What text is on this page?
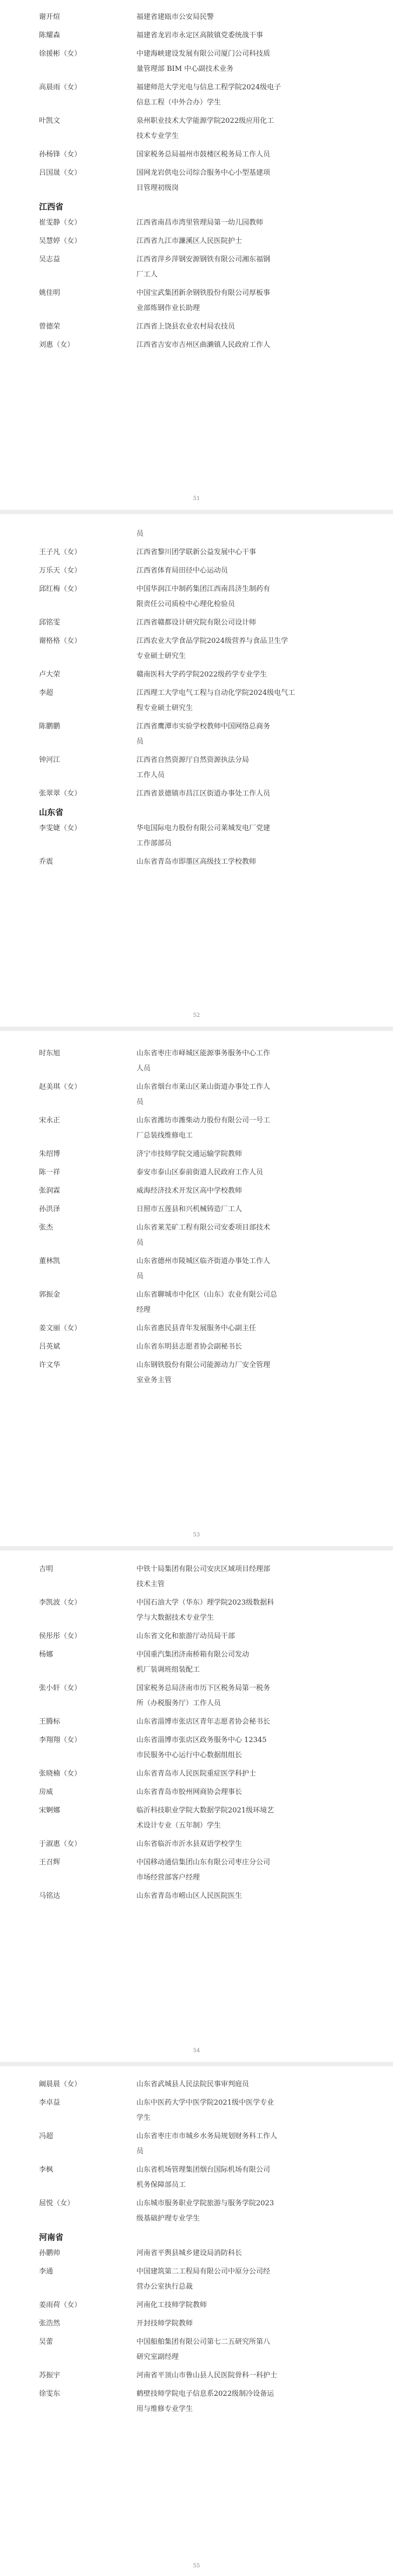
谢开煊	福建省建瓯市公安局民警
陈耀森	福建省龙岩市永定区高陂镇党委统战干事
徐援彬（女）	中建海峡建设发展有限公司厦门公司科技质
量管理部 BIM 中心副技术业务
高晨雨（女）	福建师范大学光电与信息工程学院2024级电子
信息工程（中外合办）学生
叶凯文	泉州职业技术大学能源学院2022级应用化工
技术专业学生
孙杨锋（女）	国家税务总局福州市鼓楼区税务局工作人员
吕国晟（女）	国网龙岩供电公司综合服务中心小型基建项
目管理初级岗
江西省
崔雯静（女）	江西省南昌市湾里管理局第一幼儿园教师
吴慧婷（女）	江西省九江市濂溪区人民医院护士
吴志益	江西省萍乡萍钢安源钢铁有限公司湘东福钢
厂工人
姚佳明	中国宝武集团新余钢铁股份有限公司厚板事
业部炼钢作业长助理
曾德荣	江西省上饶县农业农村局农技员
刘惠（女）	江西省吉安市吉州区曲濑镇人民政府工作人
51
员
王子凡（女）	江西省黎川团学联新公益发展中心干事
万乐天（女）	江西省体育局田径中心运动员
邱红梅（女）	中国华润江中制药集团江西南昌济生制药有
限责任公司质检中心理化检验员
邱铭雯	江西省赣都设计研究院有限公司设计师
谢格格（女）	江西农业大学食品学院2024级营养与食品卫生学
专业硕士研究生
卢大荣	赣南医科大学药学院2022级药学专业学生
李超	江西理工大学电气工程与自动化学院2024级电气工
程专业硕士研究生
陈鹏鹏	江西省鹰潭市实验学校教师中国网络总商务
员
钟河江	江西省自然资源厅自然资源执法分局
工作人员
张翠翠（女）	江西省景德镇市昌江区街道办事处工作人员
山东省
李雯婕（女）	华电国际电力股份有限公司莱城发电厂党建
工作部部员
乔震	山东省青岛市即墨区高级技工学校教师
52
时东旭	山东省枣庄市峄城区能源事务服务中心工作
人员
赵美琪（女）	山东省烟台市莱山区莱山街道办事处工作人
员
宋永正	山东省潍坊市潍柴动力股份有限公司一号工
厂总装线维修电工
朱绍博	济宁市技师学院交通运输学院教师
陈一祥	泰安市泰山区泰前街道人民政府工作人员
张润霖	威海经济技术开发区高中学校教师
孙洪泽	日照市五莲县和兴机械铸造厂工人
张杰	山东省莱芜矿工程有限公司安委项目部技术
员
董林凯	山东省德州市陵城区临齐街道办事处工作人
员
郭振金	山东省聊城市中化区（山东）农业有限公司总
经理
姜文丽（女）	山东省惠民县青年发展服务中心副主任
吕英斌	山东省东明县志愿者协会副秘书长
许文华	山东钢铁股份有限公司能源动力厂安全管理
室业务主管
53
吉明	中铁十局集团有限公司安庆区域项目经理部
技术主管
李凯波（女）	中国石油大学（华东）理学院2023级数据科
学与大数据技术专业学生
侯彤彤（女）	山东省文化和旅游厅动员局干部
杨娜	中国重汽集团济南桥箱有限公司发动
机厂装调班组装配工
张小轩（女）	国家税务总局济南市历下区税务局第一税务
所（办税服务厅）工作人员
王腾标	山东省淄博市张店区青年志愿者协会秘书长
李翔翔（女）	山东省淄博市张店区政务服务中心 12345
市民服务中心运行中心数据组组长
张晓楠（女）	山东省青岛市人民医院重症医学科护士
房威	山东省青岛市胶州网商协会理事长
宋婀娜	临沂科技职业学院大数据学院2021级环境艺
术设计专业（五年制）学生
于淑惠（女）	山东省临沂市沂水县双语学校学生
王召辉	中国移动通信集团山东有限公司枣庄分公司
市场经营部客户经理
马铭达	山东省青岛市崂山区人民医院医生
54
阚晨晨（女）	山东省武城县人民法院民事审判庭员
李卓益	山东中医药大学中医学院2021级中医学专业
学生
冯超	山东省枣庄市市城乡水务局规划财务科工作人
员
李枫	山东省机场管理集团烟台国际机场有限公司
机务保障部员工
屈悦（女）	山东城市服务职业学院旅游与服务学院2023
级基础护理专业学生
河南省
孙鹏帅	河南省平舆县城乡建设局消防科长
李通	中国建筑第二工程局有限公司中原分公司经
营办公室执行总裁
姜雨荷（女）	河南化工技师学院教师
张浩然	开封技师学院教师
吴蕾	中国船舶集团有限公司第七二五研究所第八
研究室副经理
苏振宇	河南省平顶山市鲁山县人民医院骨科一科护士
徐雯东	鹤壁技师学院电子信息系2022级制冷设备运
用与维修专业学生
55
